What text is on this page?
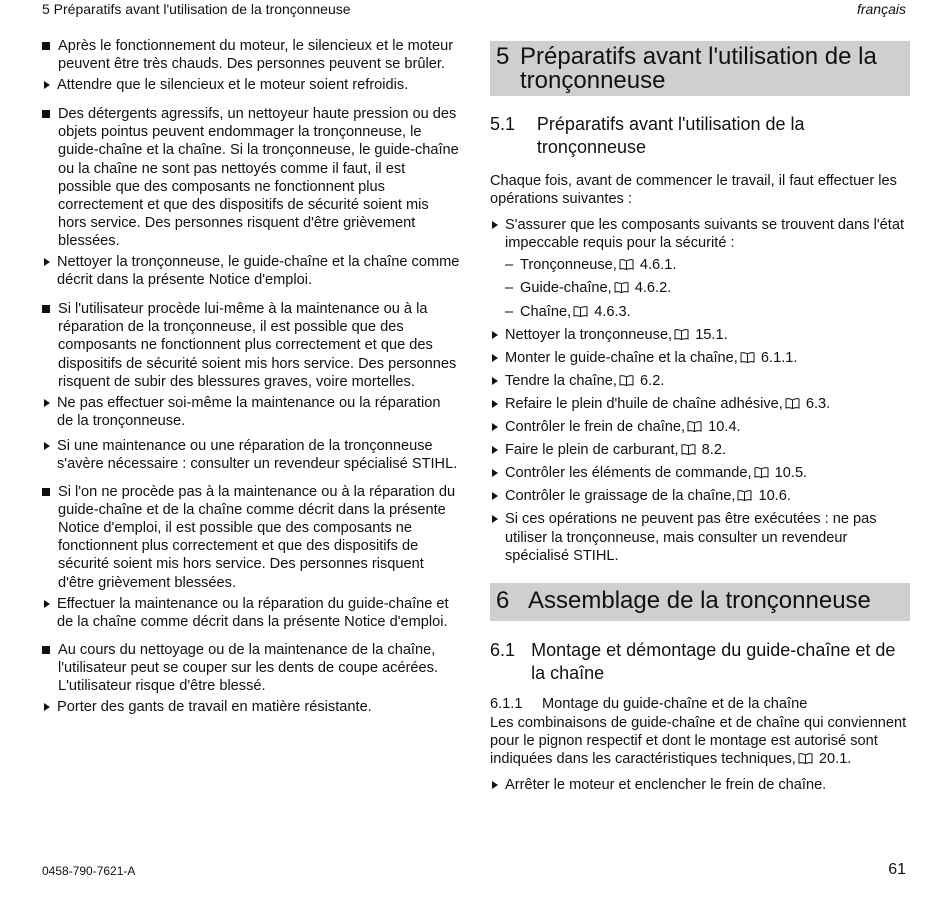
5 Préparatifs avant l'utilisation de la tronçonneuse	français

Après le fonctionnement du moteur, le silencieux et le moteur peuvent être très chauds. Des personnes peuvent se brûler.

Attendre que le silencieux et le moteur soient refroidis.

Des détergents agressifs, un nettoyeur haute pression ou des objets pointus peuvent endommager la tronçonneuse, le guide-chaîne et la chaîne. Si la tronçonneuse, le guide-chaîne ou la chaîne ne sont pas nettoyés comme il faut, il est possible que des composants ne fonctionnent plus correctement et que des dispositifs de sécurité soient mis hors service. Des personnes risquent d'être grièvement blessées.

Nettoyer la tronçonneuse, le guide-chaîne et la chaîne comme décrit dans la présente Notice d'emploi.

Si l'utilisateur procède lui-même à la maintenance ou à la réparation de la tronçonneuse, il est possible que des composants ne fonctionnent plus correctement et que des dispositifs de sécurité soient mis hors service. Des personnes risquent de subir des blessures graves, voire mortelles.

Ne pas effectuer soi-même la maintenance ou la réparation de la tronçonneuse.

Si une maintenance ou une réparation de la tronçonneuse s'avère nécessaire : consulter un revendeur spécialisé STIHL.

Si l'on ne procède pas à la maintenance ou à la réparation du guide-chaîne et de la chaîne comme décrit dans la présente Notice d'emploi, il est possible que des composants ne fonctionnent plus correctement et que des dispositifs de sécurité soient mis hors service. Des personnes risquent d'être grièvement blessées.

Effectuer la maintenance ou la réparation du guide-chaîne et de la chaîne comme décrit dans la présente Notice d'emploi.

Au cours du nettoyage ou de la maintenance de la chaîne, l'utilisateur peut se couper sur les dents de coupe acérées. L'utilisateur risque d'être blessé.

Porter des gants de travail en matière résistante.

5 Préparatifs avant l'utilisation de la tronçonneuse
5.1	Préparatifs avant l'utilisation de la tronçonneuse

Chaque fois, avant de commencer le travail, il faut effectuer les opérations suivantes :

S'assurer que les composants suivants se trouvent dans l'état impeccable requis pour la sécurité :

– Tronçonneuse, 4.6.1.

– Guide-chaîne, 4.6.2.

– Chaîne, 4.6.3.

Nettoyer la tronçonneuse, 15.1.

Monter le guide-chaîne et la chaîne, 6.1.1.

Tendre la chaîne, 6.2.

Refaire le plein d'huile de chaîne adhésive, 6.3.

Contrôler le frein de chaîne, 10.4.

Faire le plein de carburant, 8.2.

Contrôler les éléments de commande, 10.5.

Contrôler le graissage de la chaîne, 10.6.

Si ces opérations ne peuvent pas être exécutées : ne pas utiliser la tronçonneuse, mais consulter un revendeur spécialisé STIHL.

6 Assemblage de la tronçonneuse
6.1 Montage et démontage du guide-chaîne et de la chaîne
6.1.1	Montage du guide-chaîne et de la chaîne

Les combinaisons de guide-chaîne et de chaîne qui conviennent pour le pignon respectif et dont le montage est autorisé sont indiquées dans les caractéristiques techniques, 20.1.

Arrêter le moteur et enclencher le frein de chaîne.

0458-790-7621-A	61
